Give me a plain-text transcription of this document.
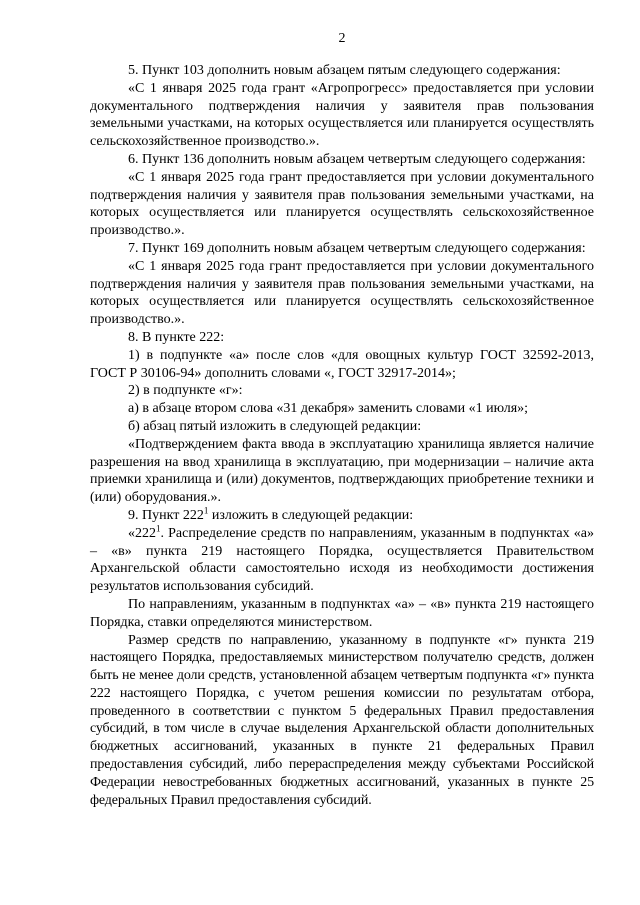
2

5. Пункт 103 дополнить новым абзацем пятым следующего содержания:

«С 1 января 2025 года грант «Агропрогресс» предоставляется при условии документального подтверждения наличия у заявителя прав пользования земельными участками, на которых осуществляется или планируется осуществлять сельскохозяйственное производство.».

6. Пункт 136 дополнить новым абзацем четвертым следующего содержания:

«С 1 января 2025 года грант предоставляется при условии документального подтверждения наличия у заявителя прав пользования земельными участками, на которых осуществляется или планируется осуществлять сельскохозяйственное производство.».

7. Пункт 169 дополнить новым абзацем четвертым следующего содержания:

«С 1 января 2025 года грант предоставляется при условии документального подтверждения наличия у заявителя прав пользования земельными участками, на которых осуществляется или планируется осуществлять сельскохозяйственное производство.».

8. В пункте 222:

1) в подпункте «а» после слов «для овощных культур ГОСТ 32592-2013, ГОСТ Р 30106-94» дополнить словами «, ГОСТ 32917-2014»;

2) в подпункте «г»:

а) в абзаце втором слова «31 декабря» заменить словами «1 июля»;

б) абзац пятый изложить в следующей редакции:

«Подтверждением факта ввода в эксплуатацию хранилища является наличие разрешения на ввод хранилища в эксплуатацию, при модернизации – наличие акта приемки хранилища и (или) документов, подтверждающих приобретение техники и (или) оборудования.».

9. Пункт $222^1$ изложить в следующей редакции:

«$222^1$. Распределение средств по направлениям, указанным в подпунктах «а» – «в» пункта 219 настоящего Порядка, осуществляется Правительством Архангельской области самостоятельно исходя из необходимости достижения результатов использования субсидий.

По направлениям, указанным в подпунктах «а» – «в» пункта 219 настоящего Порядка, ставки определяются министерством.

Размер средств по направлению, указанному в подпункте «г» пункта 219 настоящего Порядка, предоставляемых министерством получателю средств, должен быть не менее доли средств, установленной абзацем четвертым подпункта «г» пункта 222 настоящего Порядка, с учетом решения комиссии по результатам отбора, проведенного в соответствии с пунктом 5 федеральных Правил предоставления субсидий, в том числе в случае выделения Архангельской области дополнительных бюджетных ассигнований, указанных в пункте 21 федеральных Правил предоставления субсидий, либо перераспределения между субъектами Российской Федерации невостребованных бюджетных ассигнований, указанных в пункте 25 федеральных Правил предоставления субсидий.
